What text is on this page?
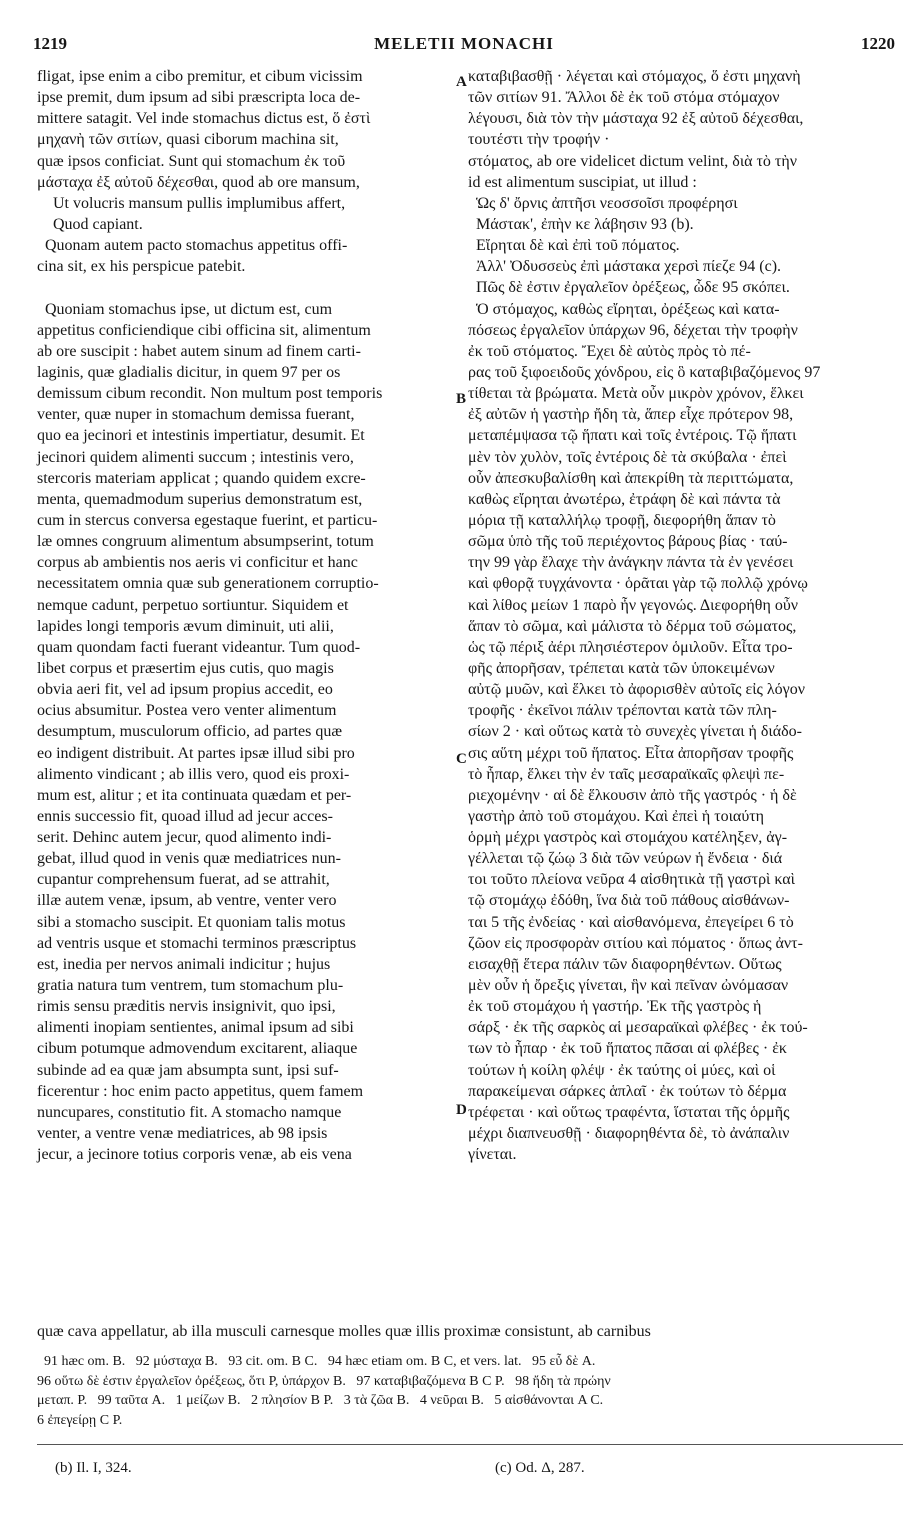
1219	MELETII MONACHI	1220
fligat, ipse enim a cibo premitur, et cibum vicissim
ipse premit, dum ipsum ad sibi præscripta loca de-
mittere satagit. Vel inde stomachus dictus est, ὅ ἐστὶ
μηχανὴ τῶν σιτίων, quasi ciborum machina sit,
quæ ipsos conficiat. Sunt qui stomachum ἐκ τοῦ
μάσταχα ἐξ αὐτοῦ δέχεσθαι, quod ab ore mansum,
Ut volucris mansum pullis implumibus affert,
Quod capiant.
Quonam autem pacto stomachus appetitus offi-
cina sit, ex his perspicue patebit.
Quoniam stomachus ipse, ut dictum est, cum
appetitus conficiendique cibi officina sit, alimentum
ab ore suscipit : habet autem sinum ad finem carti-
laginis, quæ gladialis dicitur, in quem 97 per os
demissum cibum recondit. Non multum post temporis
venter, quæ nuper in stomachum demissa fuerant,
quo ea jecinori et intestinis impertiatur, desumit. Et
jecinori quidem alimenti succum ; intestinis vero,
stercoris materiam applicat ; quando quidem excre-
menta, quemadmodum superius demonstratum est,
cum in stercus conversa egestaque fuerint, et particu-
læ omnes congruum alimentum absumpserint, totum
corpus ab ambientis nos aeris vi conficitur et hanc
necessitatem omnia quæ sub generationem corruptio-
nemque cadunt, perpetuo sortiuntur. Siquidem et
lapides longi temporis ævum diminuit, uti alii,
quam quondam facti fuerant videantur. Tum quod-
libet corpus et præsertim ejus cutis, quo magis
obvia aeri fit, vel ad ipsum propius accedit, eo
ocius absumitur. Postea vero venter alimentum
desumptum, musculorum officio, ad partes quæ
eo indigent distribuit. At partes ipsæ illud sibi pro
alimento vindicant ; ab illis vero, quod eis proxi-
mum est, alitur ; et ita continuata quædam et per-
ennis successio fit, quoad illud ad jecur acces-
serit. Dehinc autem jecur, quod alimento indi-
gebat, illud quod in venis quæ mediatrices nun-
cupantur comprehensum fuerat, ad se attrahit,
illæ autem venæ, ipsum, ab ventre, venter vero
sibi a stomacho suscipit. Et quoniam talis motus
ad ventris usque et stomachi terminos præscriptus
est, inedia per nervos animali indicitur ; hujus
gratia natura tum ventrem, tum stomachum plu-
rimis sensu præditis nervis insignivit, quo ipsi,
alimenti inopiam sentientes, animal ipsum ad sibi
cibum potumque admovendum excitarent, aliaque
subinde ad ea quæ jam absumpta sunt, ipsi suf-
ficerentur : hoc enim pacto appetitus, quem famem
nuncupares, constitutio fit. A stomacho namque
venter, a ventre venæ mediatrices, ab 98 ipsis
jecur, a jecinore totius corporis venæ, ab eis vena
καταβιβασθῇ · λέγεται καὶ στόμαχος, ὅ ἐστι μηχανὴ
τῶν σιτίων 91. Ἄλλοι δὲ ἐκ τοῦ στόμα στόμαχον
λέγουσι, διὰ τὸν τὴν μάσταχα 92 ἐξ αὐτοῦ δέχεσθαι,
τουτέστι τὴν τροφήν ·
στόματος, ab ore videlicet dictum velint, διὰ τὸ τὴν
id est alimentum suscipiat, ut illud :
Ὡς δ' ὄρνις ἀπτῆσι νεοσσοῖσι προφέρησι
Μάστακ', ἐπὴν κε λάβησιν 93 (b).
Εἴρηται δὲ καὶ ἐπὶ τοῦ πόματος.
Ἀλλ' Ὀδυσσεὺς ἐπὶ μάστακα χερσὶ πίεζε 94 (c).
Πῶς δὲ ἐστιν ἐργαλεῖον ὀρέξεως, ὧδε 95 σκόπει.
Ὁ στόμαχος, καθὼς εἴρηται, ὀρέξεως καὶ κατα-
πόσεως ἐργαλεῖον ὑπάρχων 96, δέχεται τὴν τροφὴν
ἐκ τοῦ στόματος. Ἔχει δὲ αὐτὸς πρὸς τὸ πέ-
ρας τοῦ ξιφοειδοῦς χόνδρου, εἰς ὃ καταβιβαζόμενος 97
τίθεται τὰ βρώματα. Μετὰ οὖν μικρὸν χρόνον, ἕλκει
ἐξ αὐτῶν ἡ γαστὴρ ἤδη τὰ, ἅπερ εἶχε πρότερον 98,
μεταπέμψασα τῷ ἥπατι καὶ τοῖς ἐντέροις. Τῷ ἥπατι
μὲν τὸν χυλὸν, τοῖς ἐντέροις δὲ τὰ σκύβαλα · ἐπεὶ
οὖν ἀπεσκυβαλίσθη καὶ ἀπεκρίθη τὰ περιττώματα,
καθὼς εἴρηται ἀνωτέρω, ἐτράφη δὲ καὶ πάντα τὰ
μόρια τῇ καταλλήλῳ τροφῇ, διεφορήθη ἅπαν τὸ
σῶμα ὑπὸ τῆς τοῦ περιέχοντος βάρους βίας · ταύ-
την 99 γὰρ ἔλαχε τὴν ἀνάγκην πάντα τὰ ἐν γενέσει
καὶ φθορᾷ τυγχάνοντα · ὁρᾶται γὰρ τῷ πολλῷ χρόνῳ
καὶ λίθος μείων 1 παρὸ ἦν γεγονώς. Διεφορήθη οὖν
ἅπαν τὸ σῶμα, καὶ μάλιστα τὸ δέρμα τοῦ σώματος,
ὡς τῷ πέριξ ἀέρι πλησιέστερον ὁμιλοῦν. Εἶτα τρο-
φῆς ἀπορῆσαν, τρέπεται κατὰ τῶν ὑποκειμένων
αὐτῷ μυῶν, καὶ ἕλκει τὸ ἀφορισθὲν αὐτοῖς εἰς λόγον
τροφῆς · ἐκεῖνοι πάλιν τρέπονται κατὰ τῶν πλη-
σίων 2 · καὶ οὕτως κατὰ τὸ συνεχὲς γίνεται ἡ διάδο-
σις αὕτη μέχρι τοῦ ἥπατος. Εἶτα ἀπορῆσαν τροφῆς
τὸ ἧπαρ, ἕλκει τὴν ἐν ταῖς μεσαραϊκαῖς φλεψὶ πε-
ριεχομένην · αἱ δὲ ἕλκουσιν ἀπὸ τῆς γαστρός · ἡ δὲ
γαστὴρ ἀπὸ τοῦ στομάχου. Καὶ ἐπεὶ ἡ τοιαύτη
ὁρμὴ μέχρι γαστρὸς καὶ στομάχου κατέληξεν, ἀγ-
γέλλεται τῷ ζώῳ 3 διὰ τῶν νεύρων ἡ ἔνδεια · διά
τοι τοῦτο πλείονα νεῦρα 4 αἰσθητικὰ τῇ γαστρὶ καὶ
τῷ στομάχῳ ἐδόθη, ἵνα διὰ τοῦ πάθους αἰσθάνων-
ται 5 τῆς ἐνδείας · καὶ αἰσθανόμενα, ἐπεγείρει 6 τὸ
ζῶον εἰς προσφορὰν σιτίου καὶ πόματος · ὅπως ἀντ-
εισαχθῇ ἕτερα πάλιν τῶν διαφορηθέντων. Οὕτως
μὲν οὖν ἡ ὄρεξις γίνεται, ἣν καὶ πεῖναν ὠνόμασαν
ἐκ τοῦ στομάχου ἡ γαστήρ. Ἐκ τῆς γαστρὸς ἡ
σάρξ · ἐκ τῆς σαρκὸς αἱ μεσαραϊκαὶ φλέβες · ἐκ τού-
των τὸ ἧπαρ · ἐκ τοῦ ἥπατος πᾶσαι αἱ φλέβες · ἐκ
τούτων ἡ κοίλη φλέψ · ἐκ ταύτης οἱ μύες, καὶ οἱ
παρακείμεναι σάρκες ἁπλαῖ · ἐκ τούτων τὸ δέρμα
τρέφεται · καὶ οὕτως τραφέντα, ἵσταται τῆς ὁρμῆς
μέχρι διαπνευσθῇ · διαφορηθέντα δὲ, τὸ ἀνάπαλιν
γίνεται.
A
B
C
D
quæ cava appellatur, ab illa musculi carnesque molles quæ illis proximæ consistunt, ab carnibus
91 hæc om. B.   92 μύσταχα B.   93 cit. om. B C.   94 hæc etiam om. B C, et vers. lat.   95 εὖ δὲ A.
96 οὕτω δὲ ἐστιν ἐργαλεῖον ὀρέξεως, ὅτι P, ὑπάρχον B.   97 καταβιβαζόμενα B C P.   98 ἤδη τὰ πρώην
μεταπ. P.   99 ταῦτα A.   1 μείζων B.   2 πλησίον B P.   3 τὰ ζῶα B.   4 νεῦραι B.   5 αἰσθάνονται A C.
6 ἐπεγείρῃ C P.
(b) Il. I, 324.	(c) Od. Δ, 287.
